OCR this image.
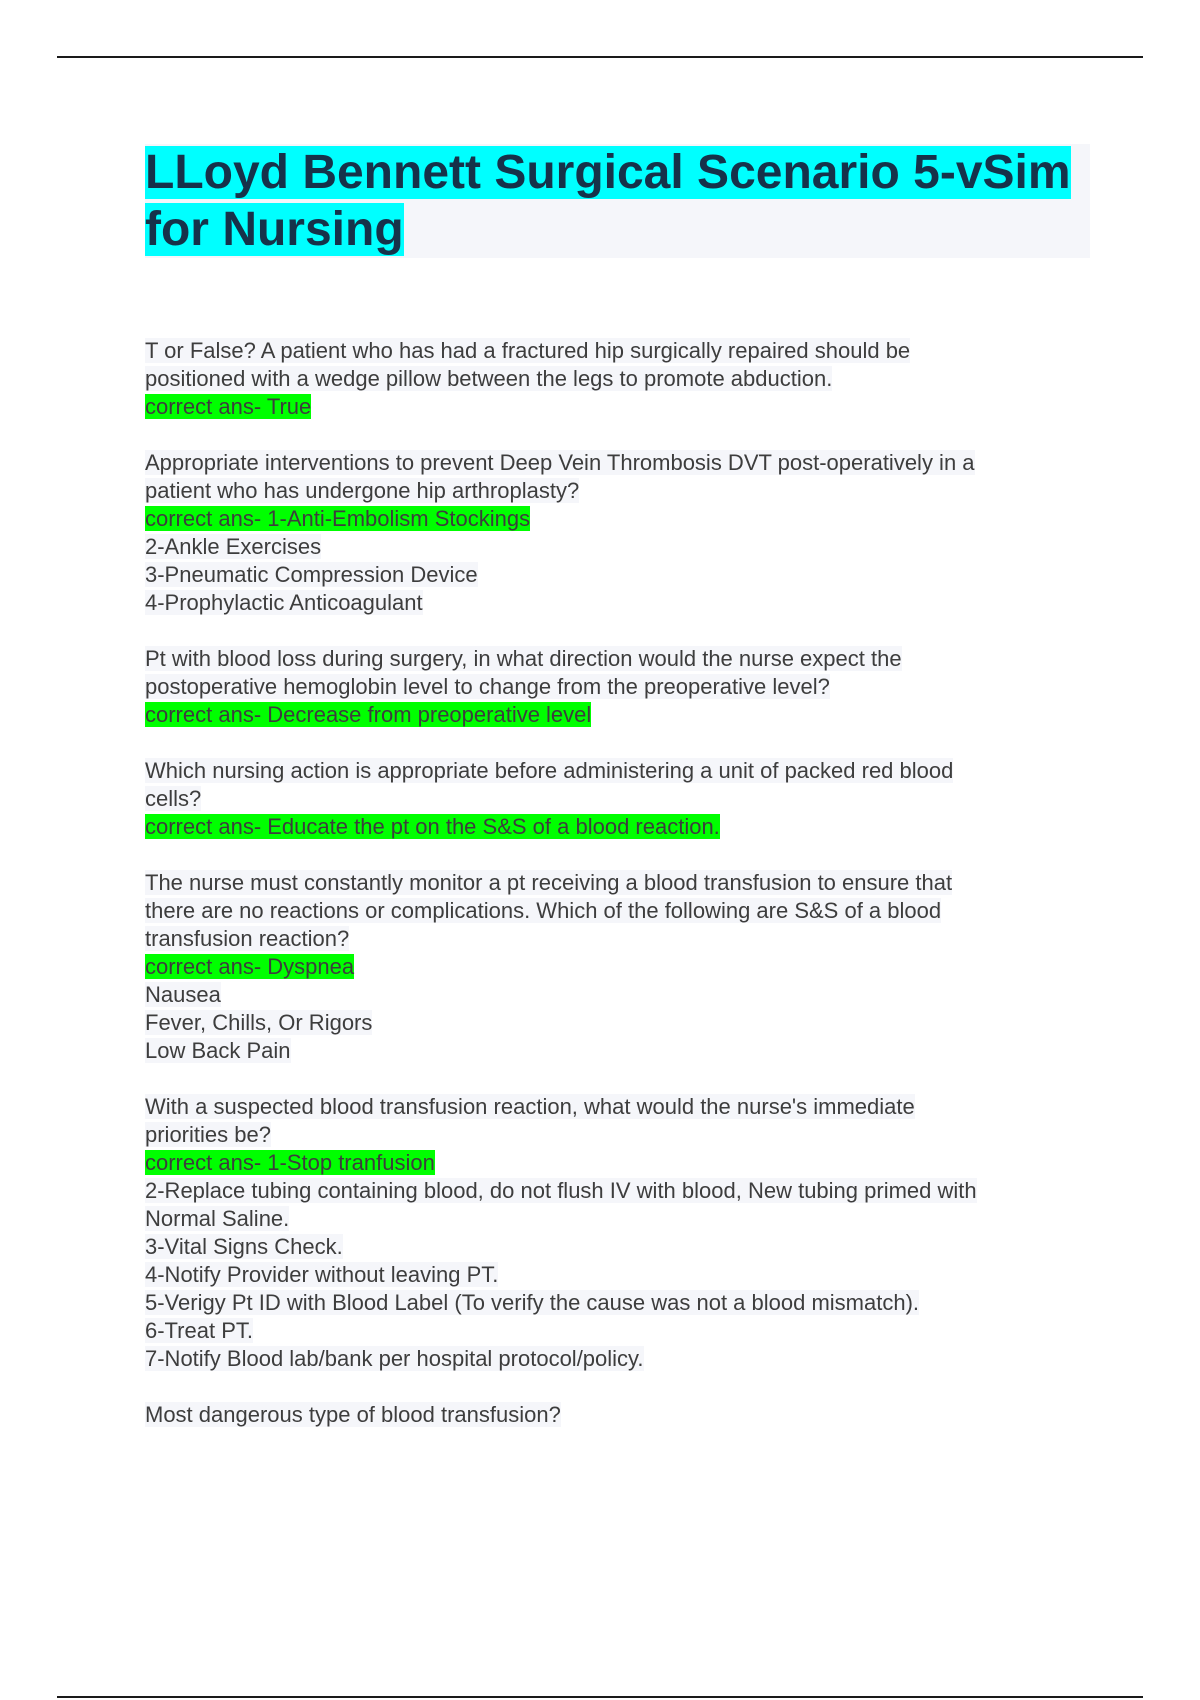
LLoyd Bennett Surgical Scenario 5-vSim
for Nursing
T or False? A patient who has had a fractured hip surgically repaired should be
positioned with a wedge pillow between the legs to promote abduction.
correct ans- True
Appropriate interventions to prevent Deep Vein Thrombosis DVT post-operatively in a
patient who has undergone hip arthroplasty?
correct ans- 1-Anti-Embolism Stockings
2-Ankle Exercises
3-Pneumatic Compression Device
4-Prophylactic Anticoagulant
Pt with blood loss during surgery, in what direction would the nurse expect the
postoperative hemoglobin level to change from the preoperative level?
correct ans- Decrease from preoperative level
Which nursing action is appropriate before administering a unit of packed red blood
cells?
correct ans- Educate the pt on the S&S of a blood reaction.
The nurse must constantly monitor a pt receiving a blood transfusion to ensure that
there are no reactions or complications. Which of the following are S&S of a blood
transfusion reaction?
correct ans- Dyspnea
Nausea
Fever, Chills, Or Rigors
Low Back Pain
With a suspected blood transfusion reaction, what would the nurse's immediate
priorities be?
correct ans- 1-Stop tranfusion
2-Replace tubing containing blood, do not flush IV with blood, New tubing primed with
Normal Saline.
3-Vital Signs Check.
4-Notify Provider without leaving PT.
5-Verigy Pt ID with Blood Label (To verify the cause was not a blood mismatch).
6-Treat PT.
7-Notify Blood lab/bank per hospital protocol/policy.
Most dangerous type of blood transfusion?
